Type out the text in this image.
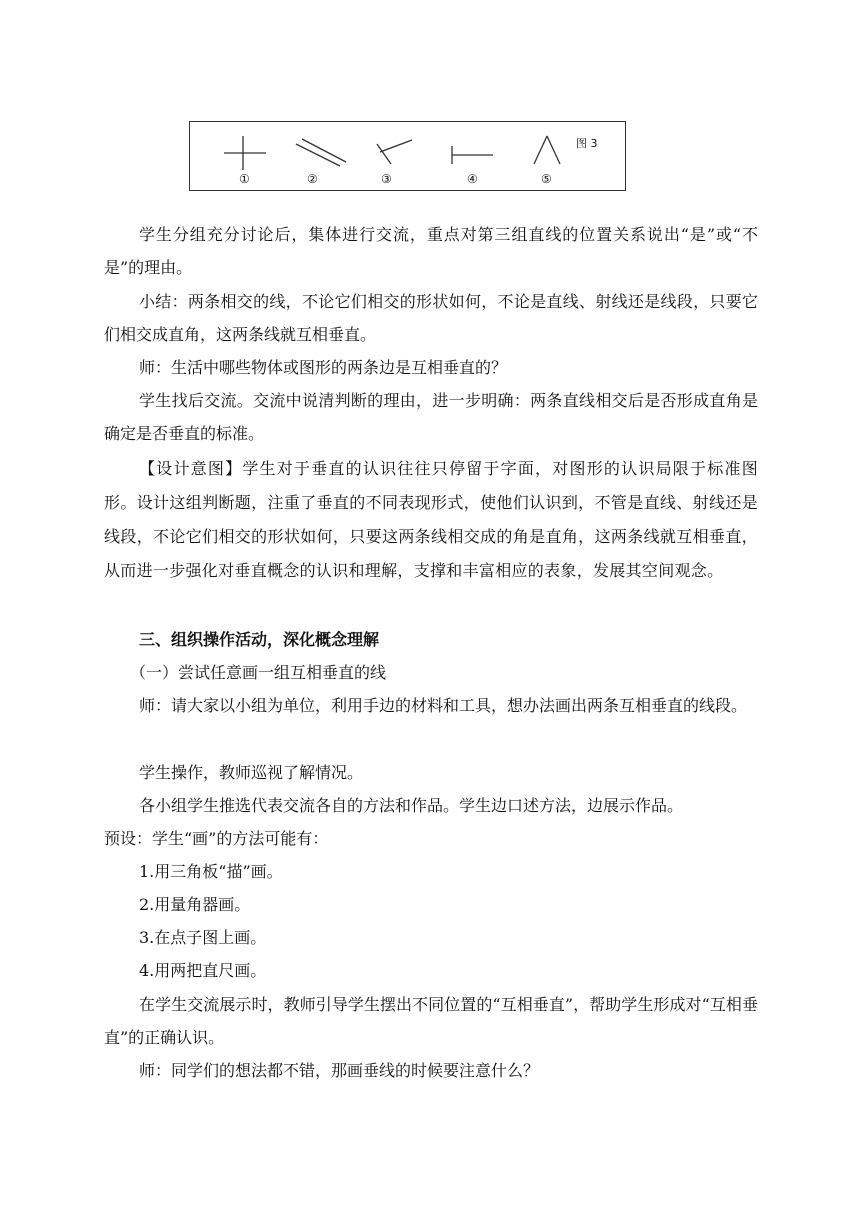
①	②	③	④	⑤
图 3

学生分组充分讨论后，集体进行交流，重点对第三组直线的位置关系说出“是”或“不是”的理由。

小结：两条相交的线，不论它们相交的形状如何，不论是直线、射线还是线段，只要它们相交成直角，这两条线就互相垂直。

师：生活中哪些物体或图形的两条边是互相垂直的？

学生找后交流。交流中说清判断的理由，进一步明确：两条直线相交后是否形成直角是确定是否垂直的标准。

【设计意图】学生对于垂直的认识往往只停留于字面，对图形的认识局限于标准图形。设计这组判断题，注重了垂直的不同表现形式，使他们认识到，不管是直线、射线还是线段，不论它们相交的形状如何，只要这两条线相交成的角是直角，这两条线就互相垂直，从而进一步强化对垂直概念的认识和理解，支撑和丰富相应的表象，发展其空间观念。

三、组织操作活动，深化概念理解

（一）尝试任意画一组互相垂直的线

师：请大家以小组为单位，利用手边的材料和工具，想办法画出两条互相垂直的线段。

学生操作，教师巡视了解情况。

各小组学生推选代表交流各自的方法和作品。学生边口述方法，边展示作品。

预设：学生“画”的方法可能有：

1.用三角板“描”画。

2.用量角器画。

3.在点子图上画。

4.用两把直尺画。

在学生交流展示时，教师引导学生摆出不同位置的“互相垂直”，帮助学生形成对“互相垂直”的正确认识。

师：同学们的想法都不错，那画垂线的时候要注意什么？
